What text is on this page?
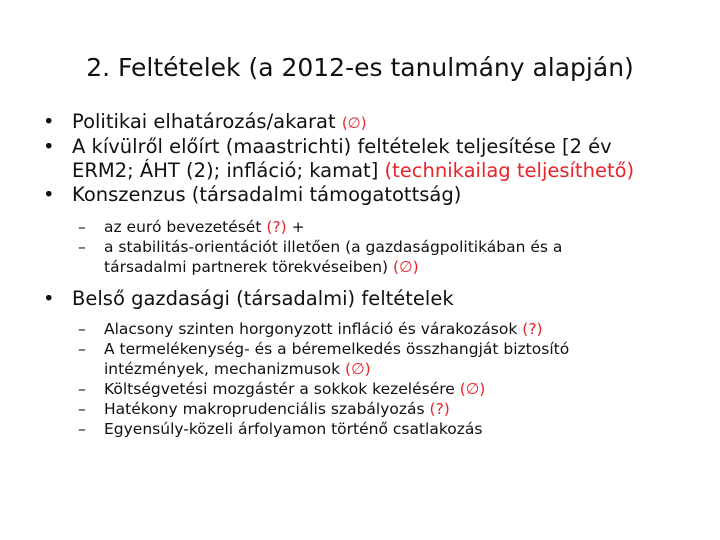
2. Feltételek (a 2012-es tanulmány alapján)

• Politikai elhatározás/akarat (∅)

• A kívülről előírt (maastrichti) feltételek teljesítése [2 év
ERM2; ÁHT (2); infláció; kamat] (technikailag teljesíthető)

• Konszenzus (társadalmi támogatottság)

– az euró bevezetését (?) +

– a stabilitás-orientációt illetően (a gazdaságpolitikában és a
társadalmi partnerek törekvéseiben) (∅)

• Belső gazdasági (társadalmi) feltételek

– Alacsony szinten horgonyzott infláció és várakozások (?)

– A termelékenység- és a béremelkedés összhangját biztosító
intézmények, mechanizmusok (∅)

– Költségvetési mozgástér a sokkok kezelésére (∅)

– Hatékony makroprudenciális szabályozás (?)

– Egyensúly-közeli árfolyamon történő csatlakozás
